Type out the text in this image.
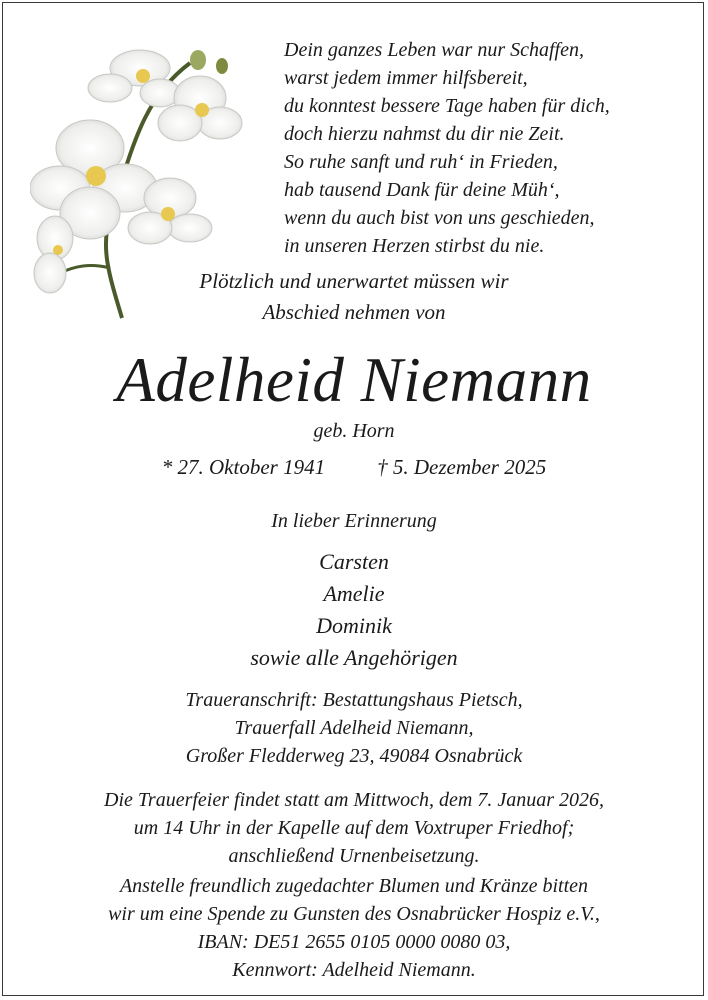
Dein ganzes Leben war nur Schaffen,
warst jedem immer hilfsbereit,
du konntest bessere Tage haben für dich,
doch hierzu nahmst du dir nie Zeit.
So ruhe sanft und ruh‘ in Frieden,
hab tausend Dank für deine Müh‘,
wenn du auch bist von uns geschieden,
in unseren Herzen stirbst du nie.
Plötzlich und unerwartet müssen wir
Abschied nehmen von
Adelheid Niemann
geb. Horn
* 27. Oktober 1941 † 5. Dezember 2025
In lieber Erinnerung
Carsten
Amelie
Dominik
sowie alle Angehörigen
Traueranschrift: Bestattungshaus Pietsch,
Trauerfall Adelheid Niemann,
Großer Fledderweg 23, 49084 Osnabrück
Die Trauerfeier findet statt am Mittwoch, dem 7. Januar 2026,
um 14 Uhr in der Kapelle auf dem Voxtruper Friedhof;
anschließend Urnenbeisetzung.
Anstelle freundlich zugedachter Blumen und Kränze bitten
wir um eine Spende zu Gunsten des Osnabrücker Hospiz e.V.,
IBAN: DE51 2655 0105 0000 0080 03,
Kennwort: Adelheid Niemann.
